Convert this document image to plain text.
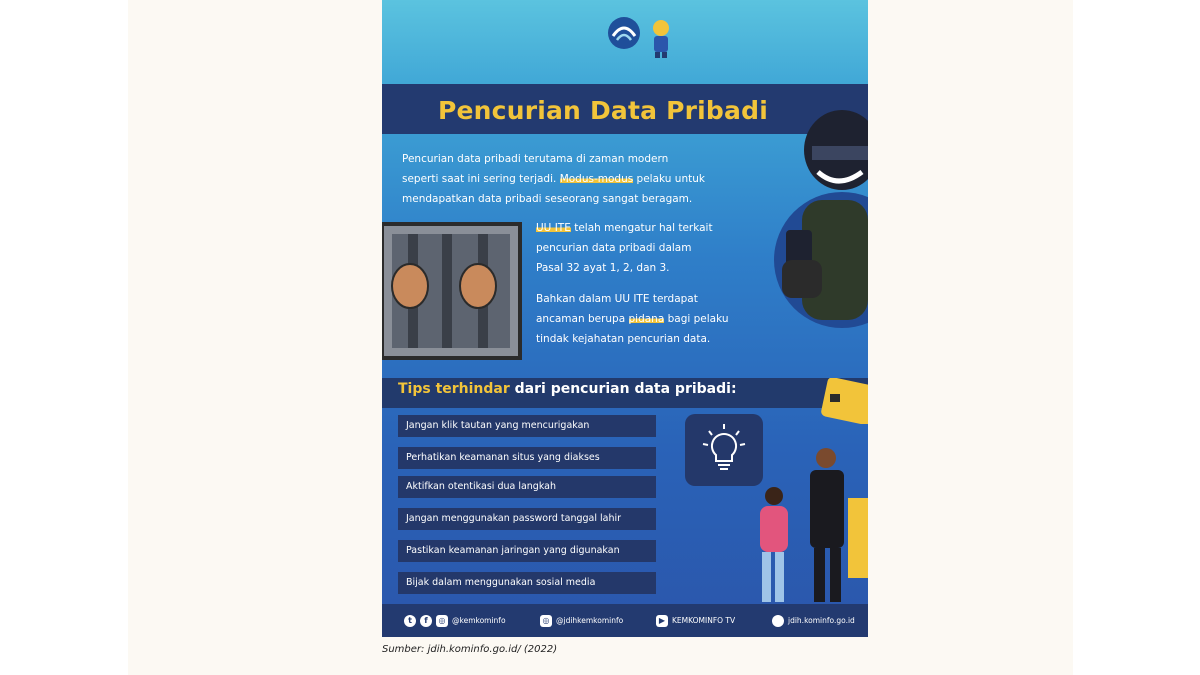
Pencurian Data Pribadi
Pencurian data pribadi terutama di zaman modern
seperti saat ini sering terjadi. Modus-modus pelaku untuk
mendapatkan data pribadi seseorang sangat beragam.
UU ITE telah mengatur hal terkait
pencurian data pribadi dalam
Pasal 32 ayat 1, 2, dan 3.
Bahkan dalam UU ITE terdapat
ancaman berupa pidana bagi pelaku
tindak kejahatan pencurian data.
Tips terhindar dari pencurian data pribadi:
Jangan klik tautan yang mencurigakan
Perhatikan keamanan situs yang diakses
Aktifkan otentikasi dua langkah
Jangan menggunakan password tanggal lahir
Pastikan keamanan jaringan yang digunakan
Bijak dalam menggunakan sosial media
t	f	◎ @kemkominfo	◎ @jdihkemkominfo	▶ KEMKOMINFO TV	jdih.kominfo.go.id
Sumber: jdih.kominfo.go.id/ (2022)
